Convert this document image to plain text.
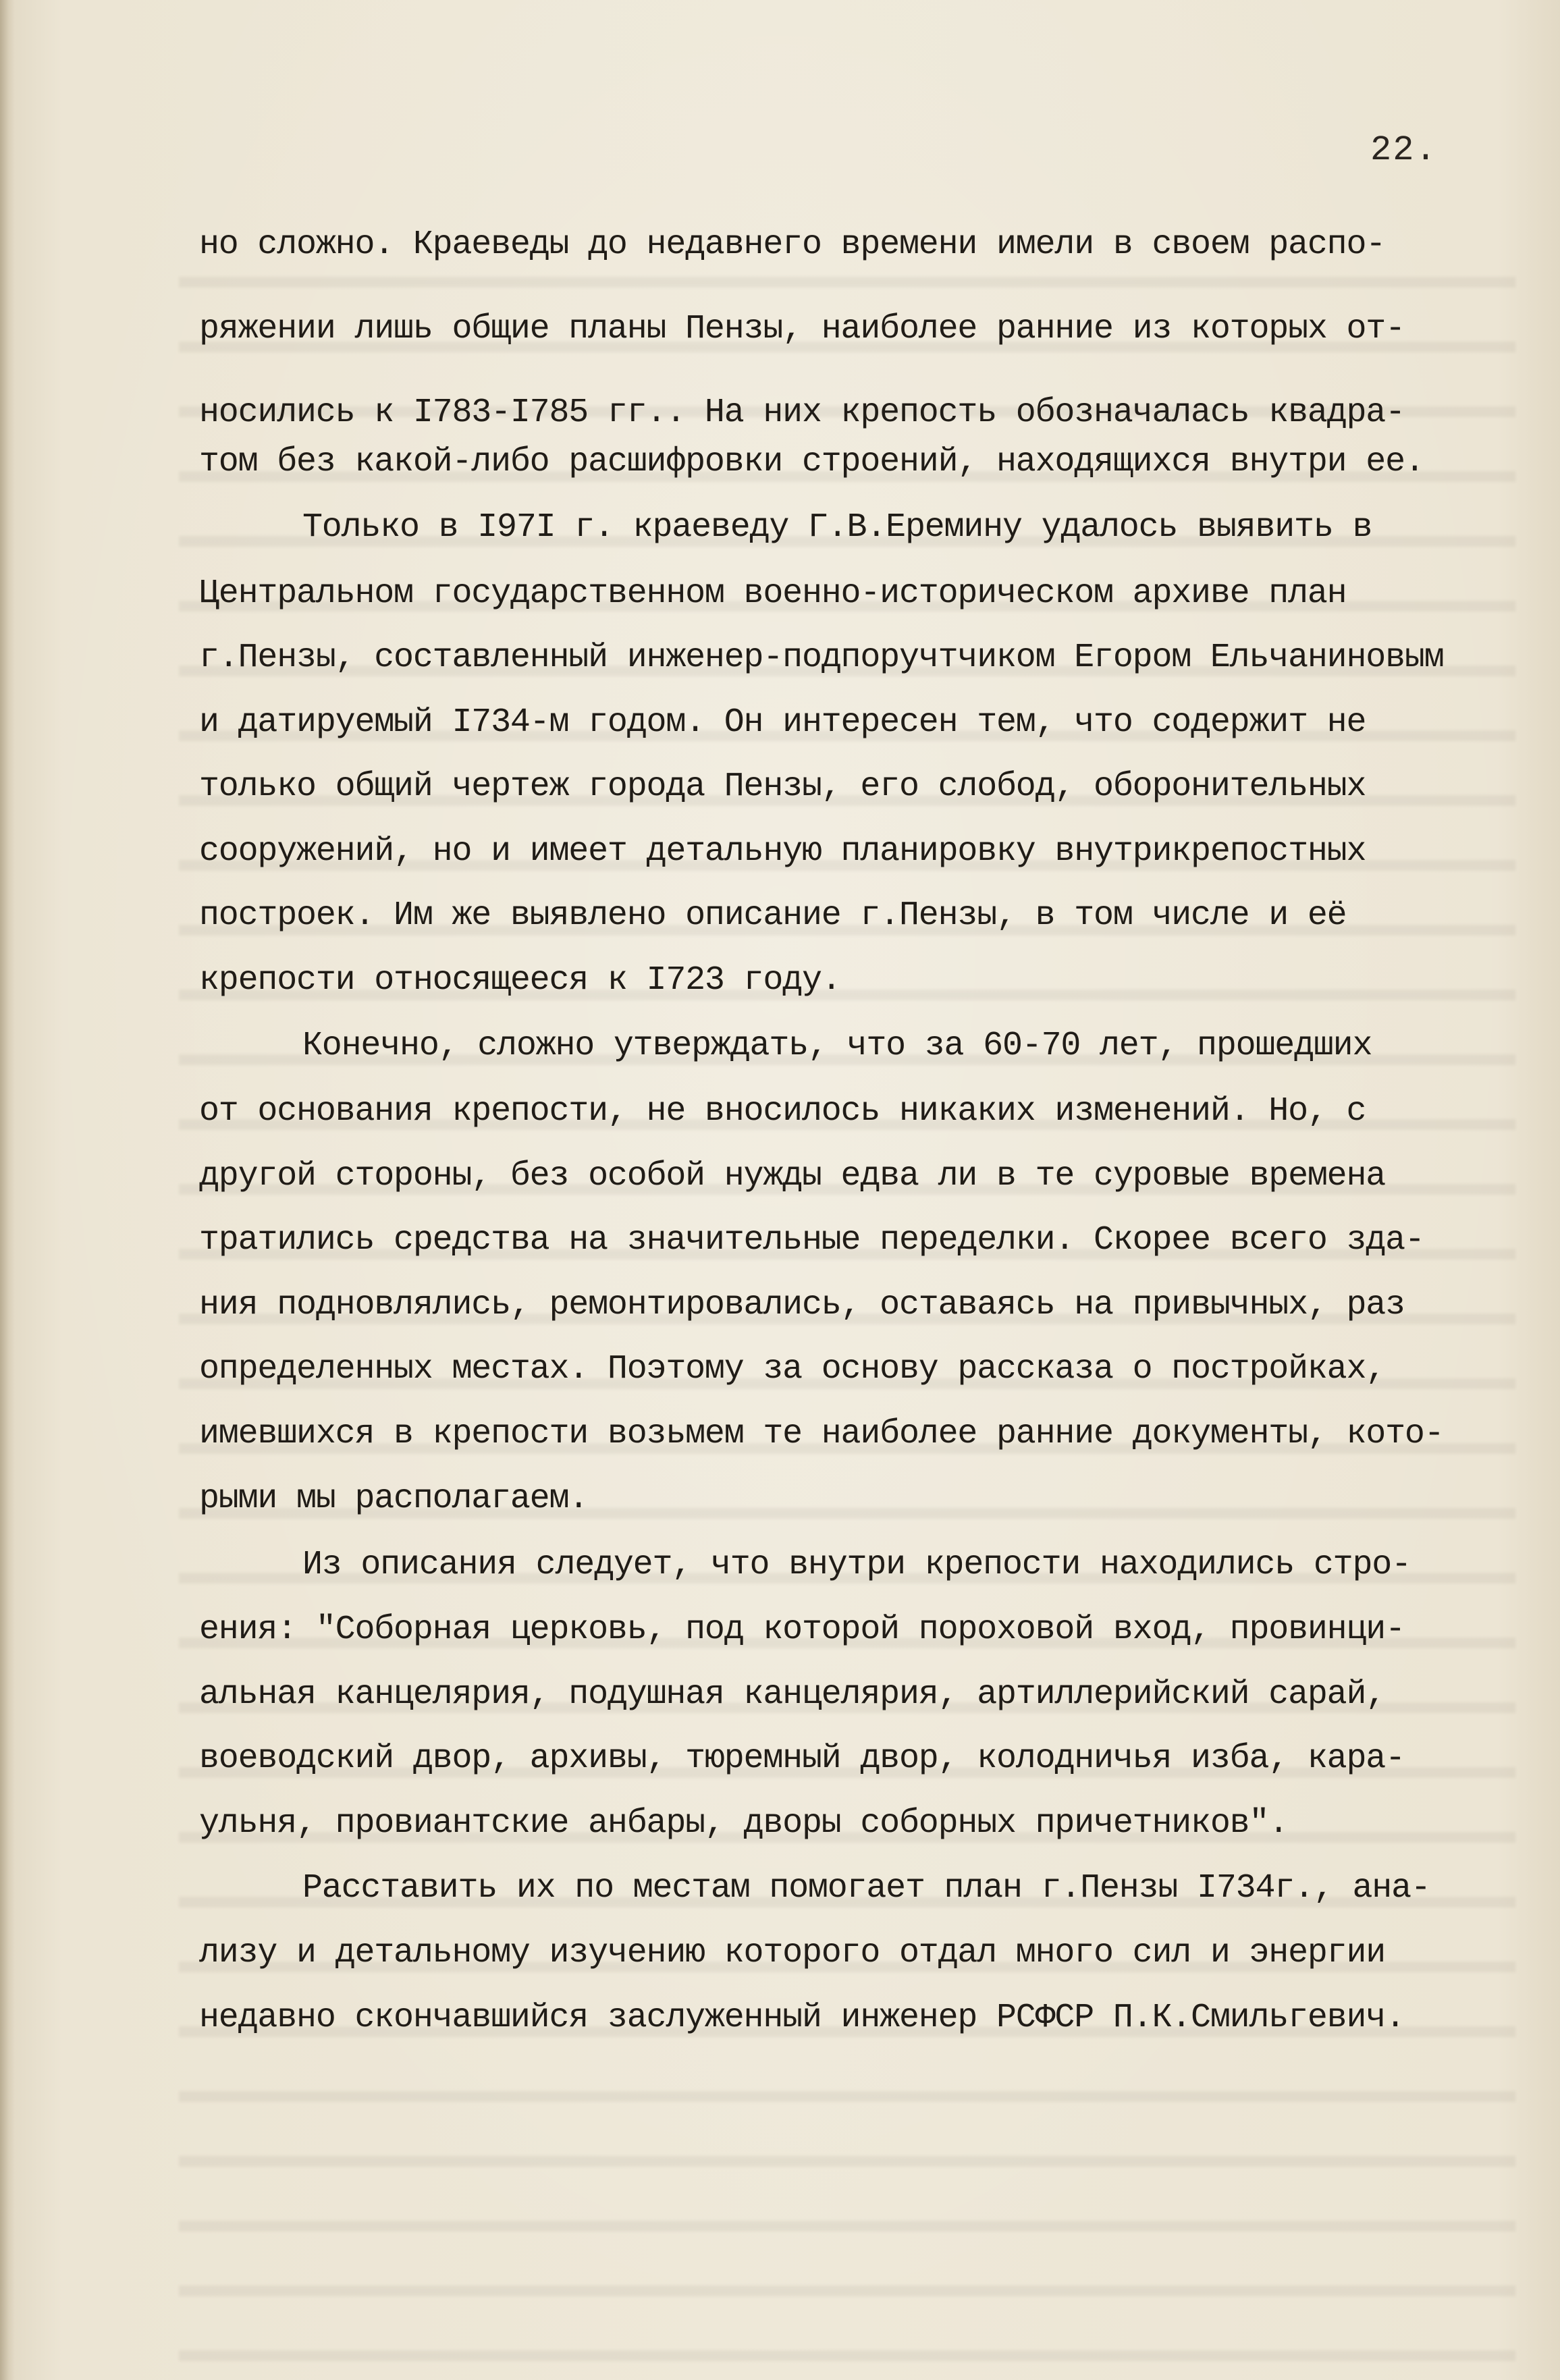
22.
но сложно. Краеведы до недавнего времени имели в своем распо-
ряжении лишь общие планы Пензы, наиболее ранние из которых от-
носились к I783-I785 гг.. На них крепость обозначалась квадра-
том без какой-либо расшифровки строений, находящихся внутри ее.
Только в I97I г. краеведу Г.В.Еремину удалось выявить в
Центральном государственном военно-историческом архиве план
г.Пензы, составленный инженер-подпоручтчиком Егором Ельчаниновым
и датируемый I734-м годом. Он интересен тем, что содержит не
только общий чертеж города Пензы, его слобод, оборонительных
сооружений, но и имеет детальную планировку внутрикрепостных
построек. Им же выявлено описание г.Пензы, в том числе и её
крепости относящееся к I723 году.
Конечно, сложно утверждать, что за 60-70 лет, прошедших
от основания крепости, не вносилось никаких изменений. Но, с
другой стороны, без особой нужды едва ли в те суровые времена
тратились средства на значительные переделки. Скорее всего зда-
ния подновлялись, ремонтировались, оставаясь на привычных, раз
определенных местах. Поэтому за основу рассказа о постройках,
имевшихся в крепости возьмем те наиболее ранние документы, кото-
рыми мы располагаем.
Из описания следует, что внутри крепости находились стро-
ения: "Соборная церковь, под которой пороховой вход, провинци-
альная канцелярия, подушная канцелярия, артиллерийский сарай,
воеводский двор, архивы, тюремный двор, колодничья изба, кара-
ульня, провиантские анбары, дворы соборных причетников".
Расставить их по местам помогает план г.Пензы I734г., ана-
лизу и детальному изучению которого отдал много сил и энергии
недавно скончавшийся заслуженный инженер РСФСР П.К.Смильгевич.
